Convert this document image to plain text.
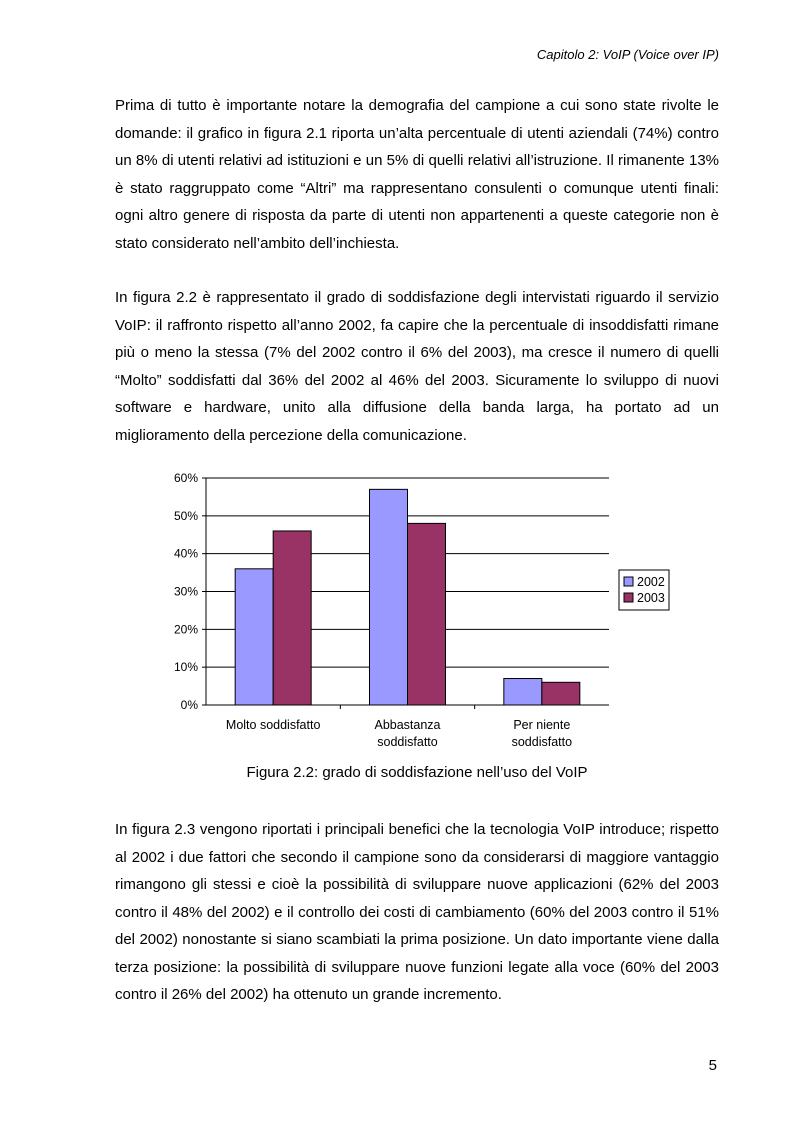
Capitolo 2: VoIP (Voice over IP)

Prima di tutto è importante notare la demografia del campione a cui sono state rivolte le domande: il grafico in figura 2.1 riporta un’alta percentuale di utenti aziendali (74%) contro un 8% di utenti relativi ad istituzioni e un 5% di quelli relativi all’istruzione. Il rimanente 13% è stato raggruppato come “Altri” ma rappresentano consulenti o comunque utenti finali: ogni altro genere di risposta da parte di utenti non appartenenti a queste categorie non è stato considerato nell’ambito dell’inchiesta.

In figura 2.2 è rappresentato il grado di soddisfazione degli intervistati riguardo il servizio VoIP: il raffronto rispetto all’anno 2002, fa capire che la percentuale di insoddisfatti rimane più o meno la stessa (7% del 2002 contro il 6% del 2003), ma cresce il numero di quelli “Molto” soddisfatti dal 36% del 2002 al 46% del 2003. Sicuramente lo sviluppo di nuovi software e hardware, unito alla diffusione della banda larga, ha portato ad un miglioramento della percezione della comunicazione.

0%
10%
20%
30%
40%
50%
60%
Molto soddisfatto	Abbastanza
soddisfatto
Per niente
soddisfatto
2002
2003
Figura 2.2: grado di soddisfazione nell’uso del VoIP

In figura 2.3 vengono riportati i principali benefici che la tecnologia VoIP introduce; rispetto al 2002 i due fattori che secondo il campione sono da considerarsi di maggiore vantaggio rimangono gli stessi e cioè la possibilità di sviluppare nuove applicazioni (62% del 2003 contro il 48% del 2002) e il controllo dei costi di cambiamento (60% del 2003 contro il 51% del 2002) nonostante si siano scambiati la prima posizione. Un dato importante viene dalla terza posizione: la possibilità di sviluppare nuove funzioni legate alla voce (60% del 2003 contro il 26% del 2002) ha ottenuto un grande incremento.

5
